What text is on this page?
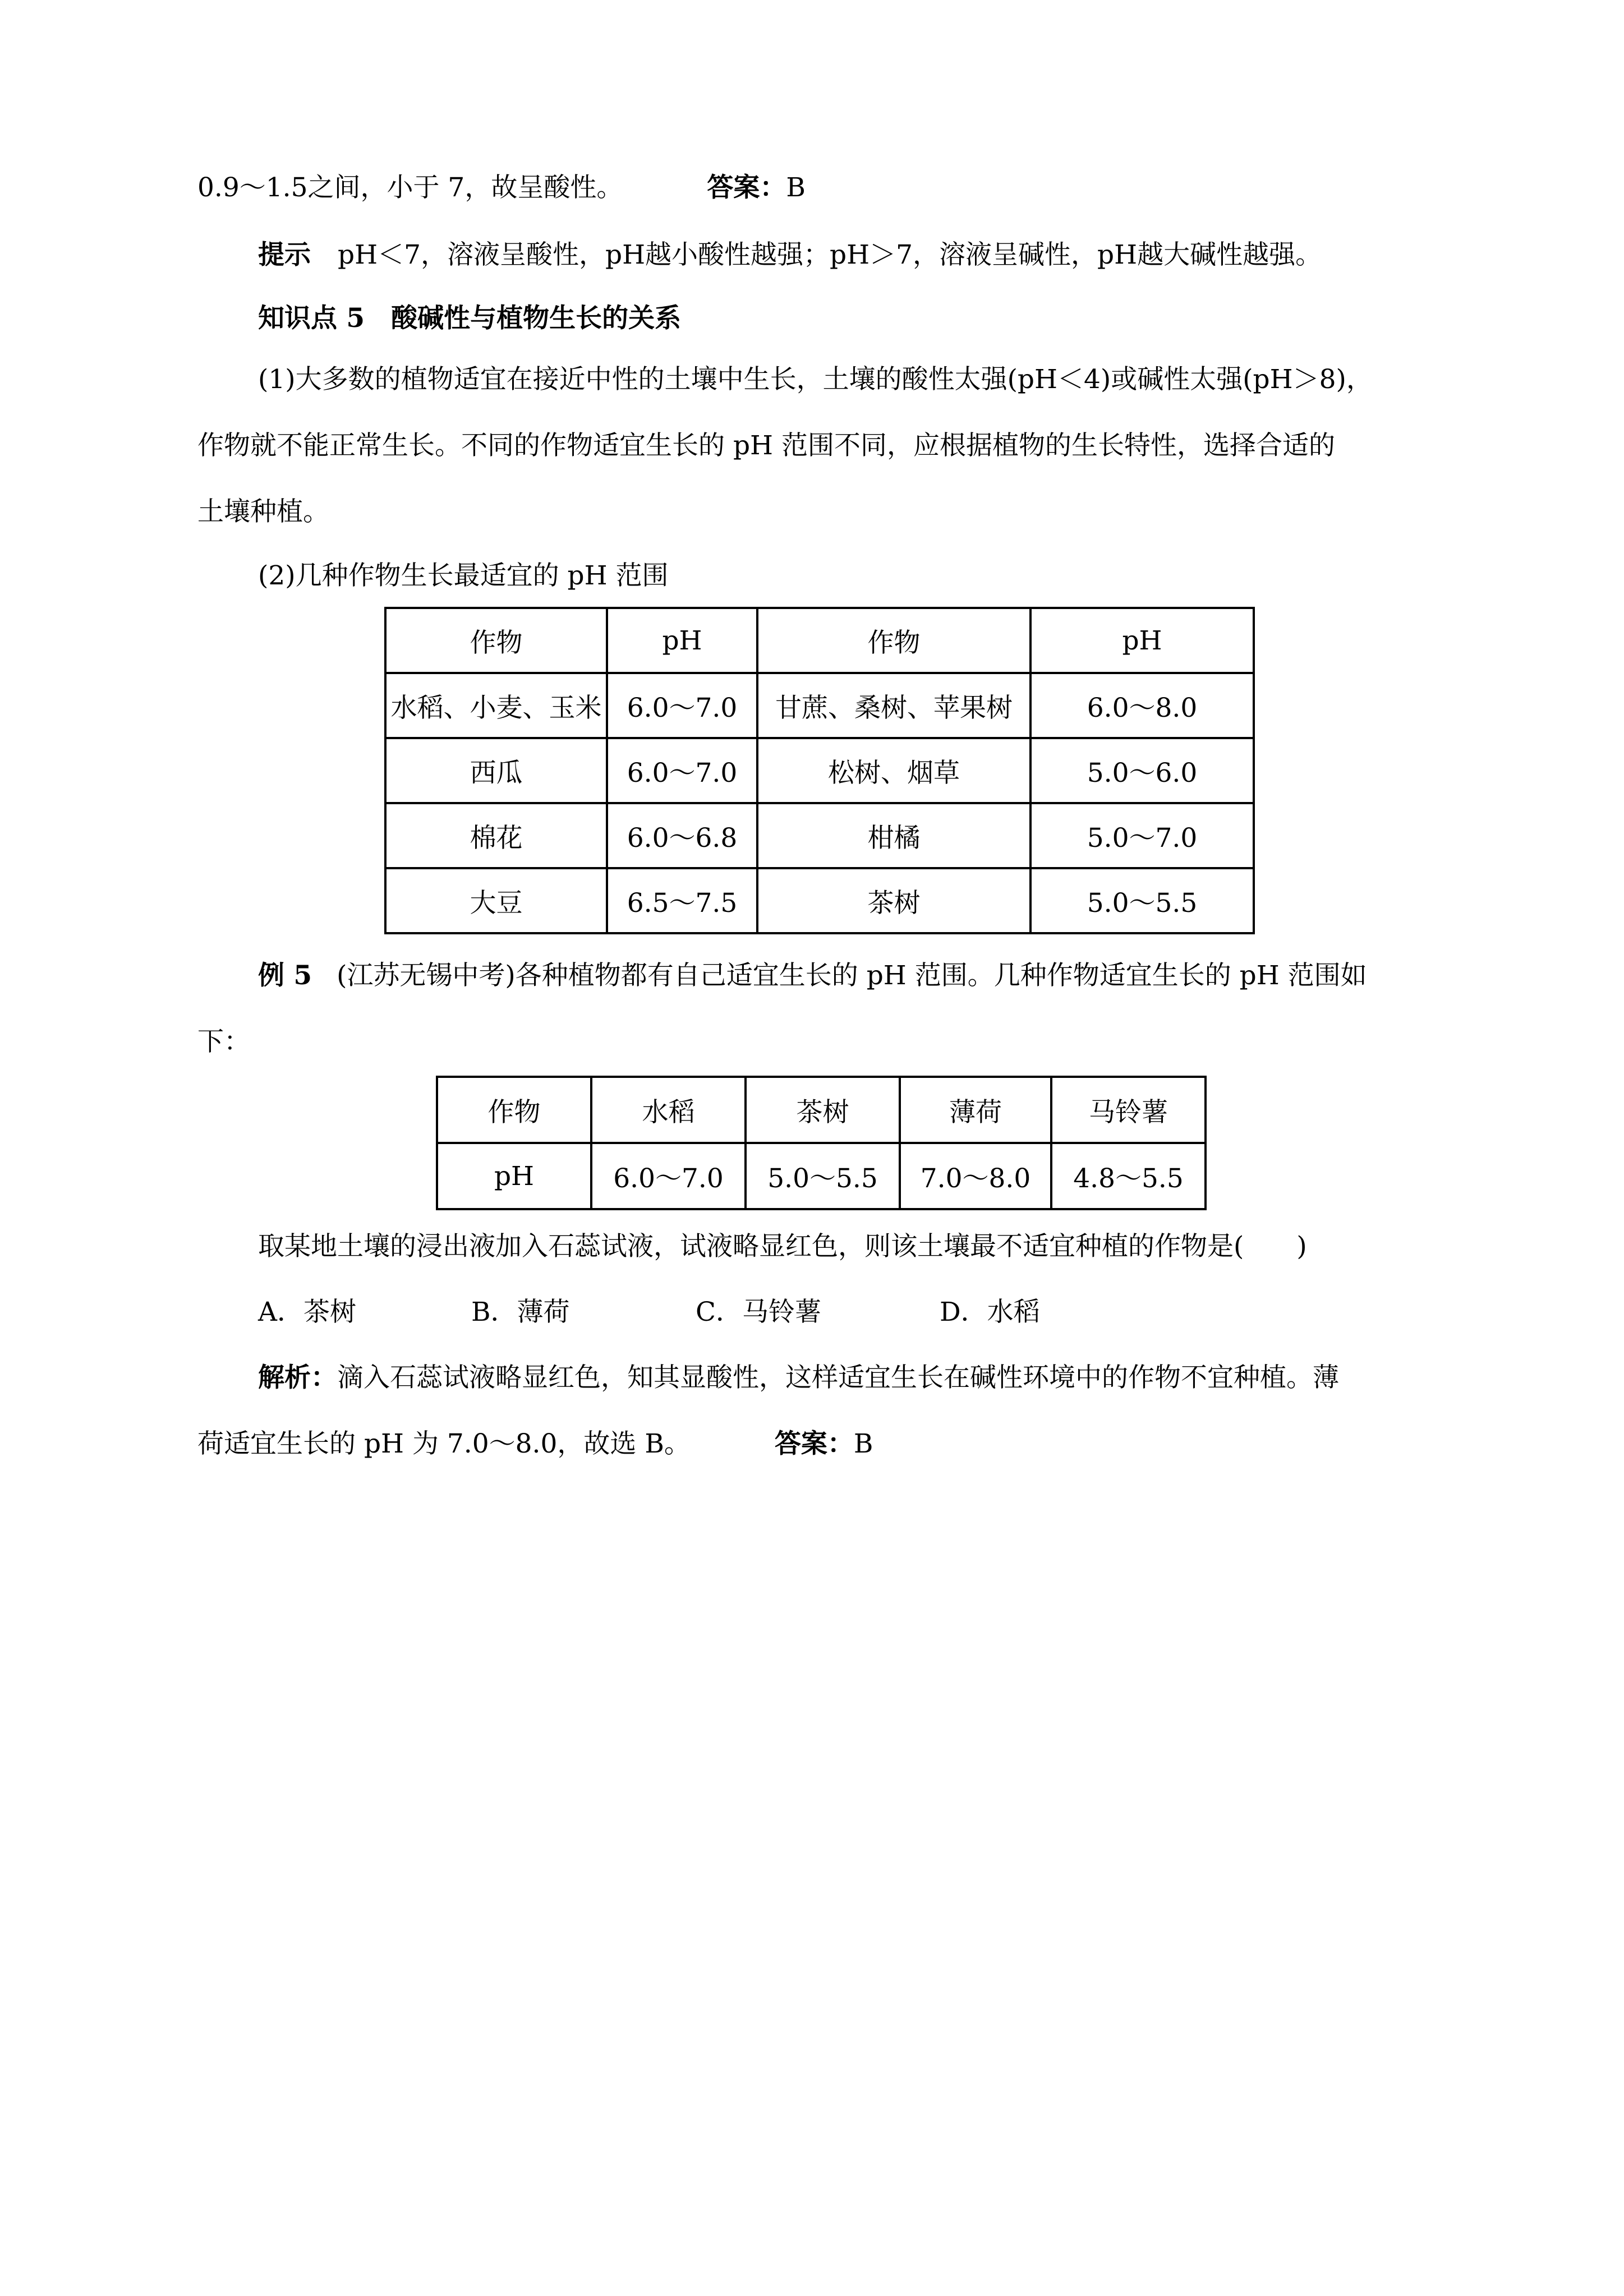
0.9～1.5之间，小于 7，故呈酸性。	答案：B
提示 pH＜7，溶液呈酸性，pH越小酸性越强；pH＞7，溶液呈碱性，pH越大碱性越强。
知识点 5　酸碱性与植物生长的关系
(1)大多数的植物适宜在接近中性的土壤中生长，土壤的酸性太强(pH＜4)或碱性太强(pH＞8)，
作物就不能正常生长。不同的作物适宜生长的 pH 范围不同，应根据植物的生长特性，选择合适的
土壤种植。
(2)几种作物生长最适宜的 pH 范围
作物	pH	作物	pH
水稻、小麦、玉米	6.0～7.0	甘蔗、桑树、苹果树	6.0～8.0
西瓜	6.0～7.0	松树、烟草	5.0～6.0
棉花	6.0～6.8	柑橘	5.0～7.0
大豆	6.5～7.5	茶树	5.0～5.5
例 5 (江苏无锡中考)各种植物都有自己适宜生长的 pH 范围。几种作物适宜生长的 pH 范围如
下：
作物	水稻	茶树	薄荷	马铃薯
pH	6.0～7.0	5.0～5.5	7.0～8.0	4.8～5.5
取某地土壤的浸出液加入石蕊试液，试液略显红色，则该土壤最不适宜种植的作物是(　　)
A．茶树	B．薄荷	C．马铃薯	D．水稻
解析：滴入石蕊试液略显红色，知其显酸性，这样适宜生长在碱性环境中的作物不宜种植。薄
荷适宜生长的 pH 为 7.0～8.0，故选 B。	答案：B
